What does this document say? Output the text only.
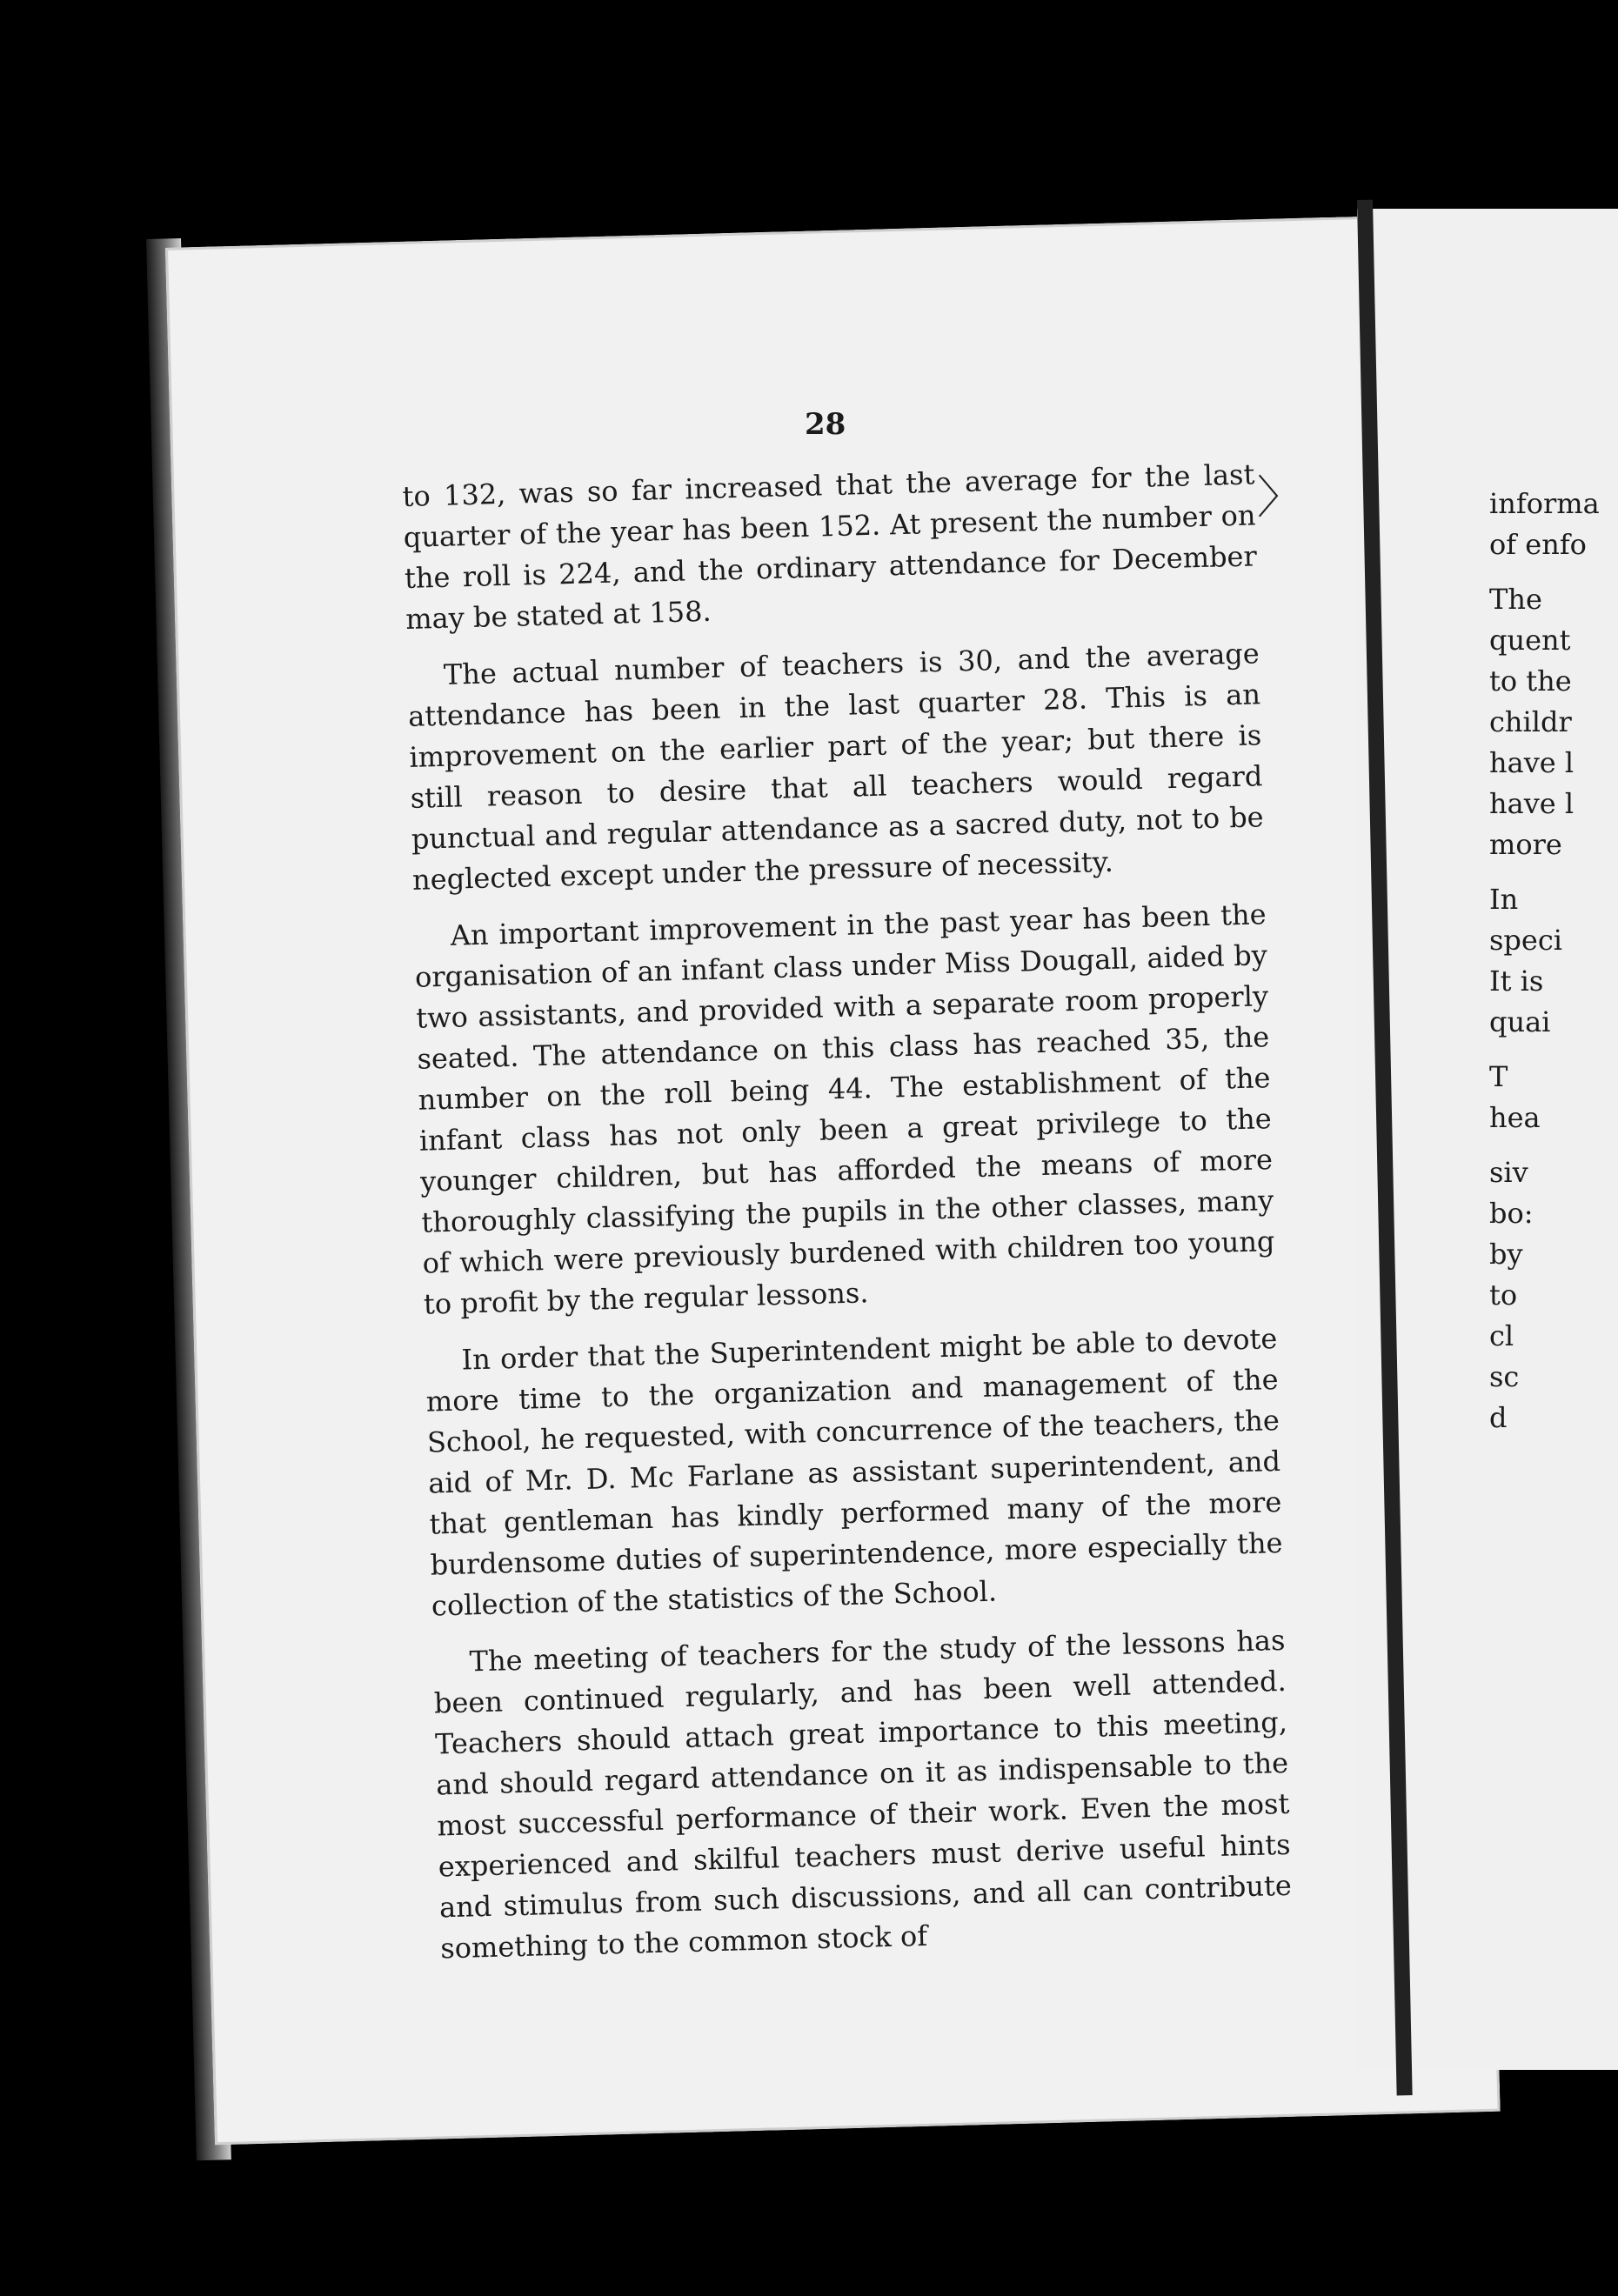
28
〉

to 132, was so far increased that the average for the last quarter of the year has been 152. At present the number on the roll is 224, and the ordinary attendance for December may be stated at 158.

The actual number of teachers is 30, and the average attendance has been in the last quarter 28. This is an improvement on the earlier part of the year; but there is still reason to desire that all teachers would regard punctual and regular attendance as a sacred duty, not to be neglected except under the pressure of necessity.

An important improvement in the past year has been the organisation of an infant class under Miss Dougall, aided by two assistants, and provided with a separate room properly seated. The attendance on this class has reached 35, the number on the roll being 44. The establishment of the infant class has not only been a great privilege to the younger children, but has afforded the means of more thoroughly classifying the pupils in the other classes, many of which were previously burdened with children too young to profit by the regular lessons.

In order that the Superintendent might be able to devote more time to the organization and management of the School, he requested, with concurrence of the teachers, the aid of Mr. D. Mc Farlane as assistant superintendent, and that gentleman has kindly performed many of the more burdensome duties of superintendence, more especially the collection of the statistics of the School.

The meeting of teachers for the study of the lessons has been continued regularly, and has been well attended. Teachers should attach great importance to this meeting, and should regard attendance on it as indispensable to the most successful performance of their work. Even the most experienced and skilful teachers must derive useful hints and stimulus from such discussions, and all can contribute something to the common stock of

informa
of enfo
The
quent
to the
childr
have l
have l
more
In
speci
It is
quai
T
hea
siv
bo:
by
to
cl
sc
d
